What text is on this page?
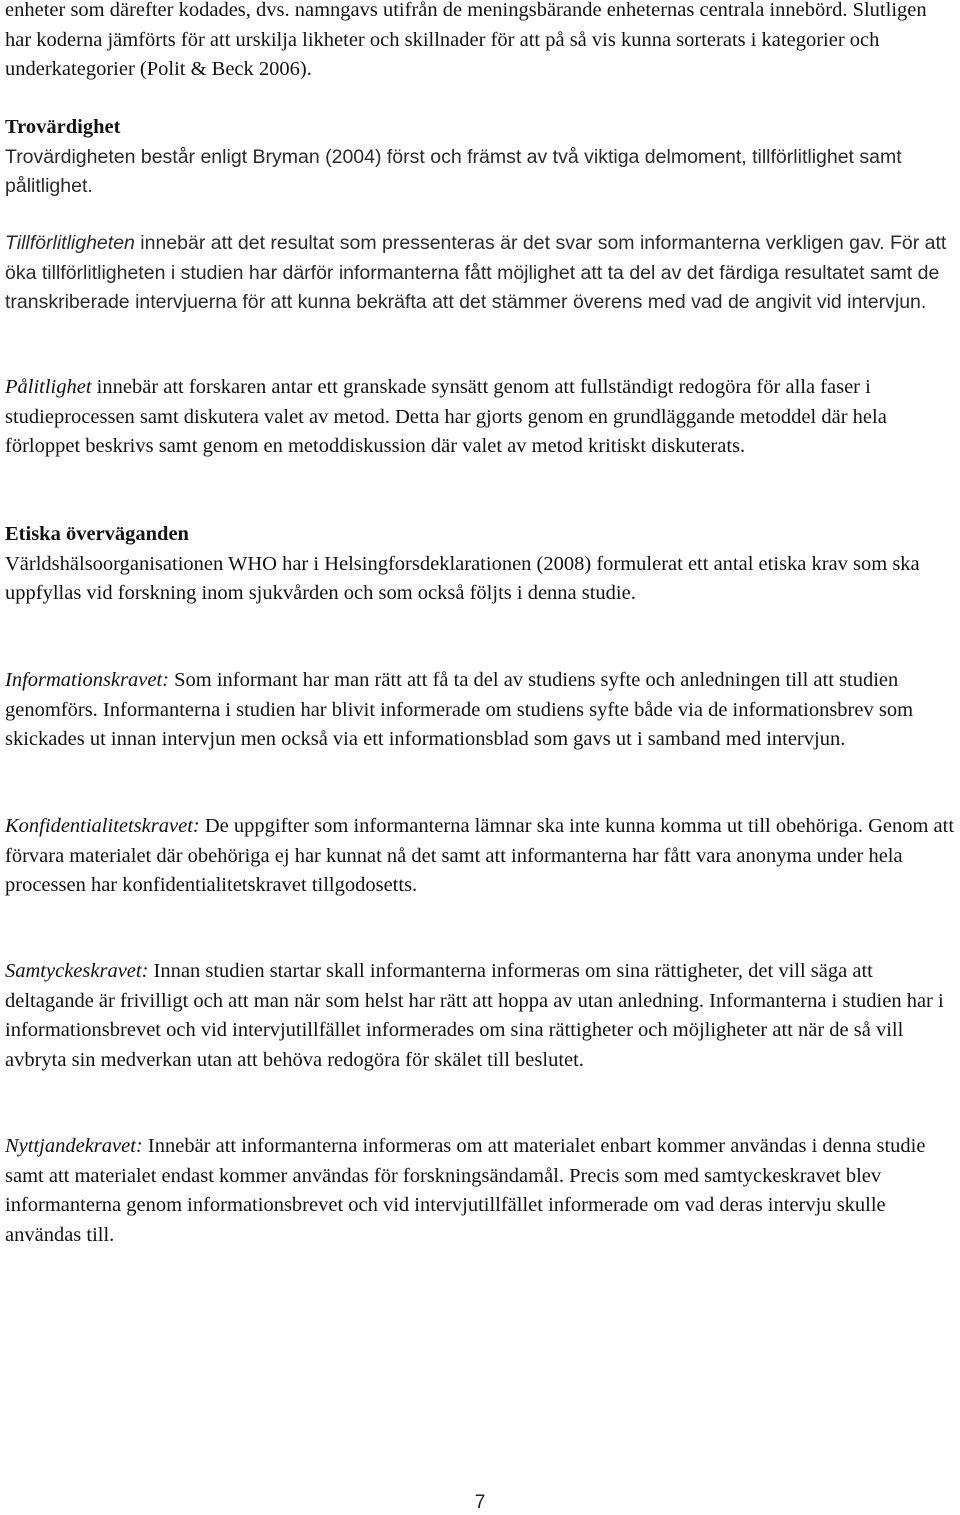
enheter som därefter kodades, dvs. namngavs utifrån de meningsbärande enheternas centrala innebörd. Slutligen har koderna jämförts för att urskilja likheter och skillnader för att på så vis kunna sorterats i kategorier och underkategorier (Polit & Beck 2006).

Trovärdighet
Trovärdigheten består enligt Bryman (2004) först och främst av två viktiga delmoment, tillförlitlighet samt pålitlighet.

Tillförlitligheten innebär att det resultat som pressenteras är det svar som informanterna verkligen gav. För att öka tillförlitligheten i studien har därför informanterna fått möjlighet att ta del av det färdiga resultatet samt de transkriberade intervjuerna för att kunna bekräfta att det stämmer överens med vad de angivit vid intervjun.

Pålitlighet innebär att forskaren antar ett granskade synsätt genom att fullständigt redogöra för alla faser i studieprocessen samt diskutera valet av metod. Detta har gjorts genom en grundläggande metoddel där hela förloppet beskrivs samt genom en metoddiskussion där valet av metod kritiskt diskuterats.

Etiska överväganden
Världshälsoorganisationen WHO har i Helsingforsdeklarationen (2008) formulerat ett antal etiska krav som ska uppfyllas vid forskning inom sjukvården och som också följts i denna studie.

Informationskravet: Som informant har man rätt att få ta del av studiens syfte och anledningen till att studien genomförs. Informanterna i studien har blivit informerade om studiens syfte både via de informationsbrev som skickades ut innan intervjun men också via ett informationsblad som gavs ut i samband med intervjun.

Konfidentialitetskravet: De uppgifter som informanterna lämnar ska inte kunna komma ut till obehöriga. Genom att förvara materialet där obehöriga ej har kunnat nå det samt att informanterna har fått vara anonyma under hela processen har konfidentialitetskravet tillgodosetts.

Samtyckeskravet: Innan studien startar skall informanterna informeras om sina rättigheter, det vill säga att deltagande är frivilligt och att man när som helst har rätt att hoppa av utan anledning. Informanterna i studien har i informationsbrevet och vid intervjutillfället informerades om sina rättigheter och möjligheter att när de så vill avbryta sin medverkan utan att behöva redogöra för skälet till beslutet.

Nyttjandekravet: Innebär att informanterna informeras om att materialet enbart kommer användas i denna studie samt att materialet endast kommer användas för forskningsändamål. Precis som med samtyckeskravet blev informanterna genom informationsbrevet och vid intervjutillfället informerade om vad deras intervju skulle användas till.

7
